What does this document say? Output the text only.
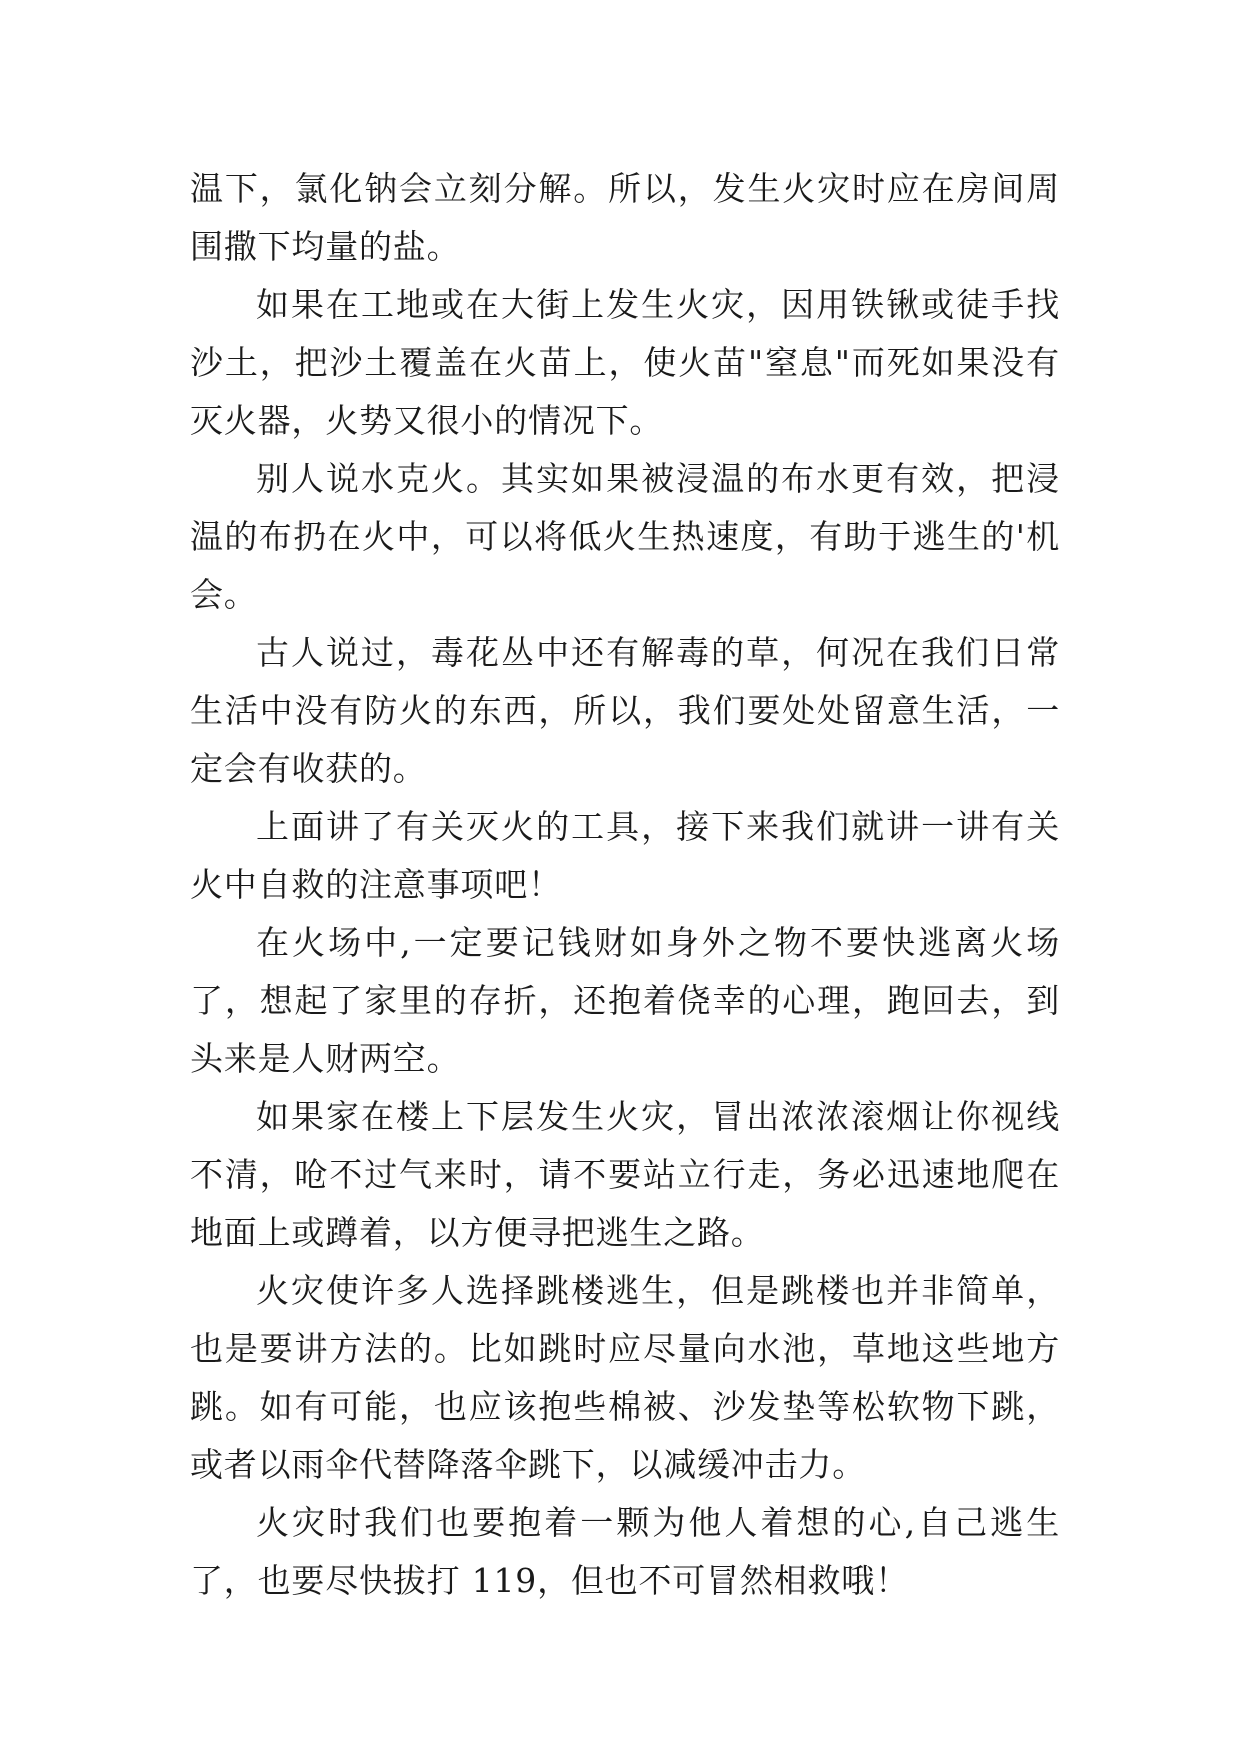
温下，氯化钠会立刻分解。所以，发生火灾时应在房间周围撒下均量的盐。

如果在工地或在大街上发生火灾，因用铁锹或徒手找沙土，把沙土覆盖在火苗上，使火苗"窒息"而死如果没有灭火器，火势又很小的情况下。

别人说水克火。其实如果被浸温的布水更有效，把浸温的布扔在火中，可以将低火生热速度，有助于逃生的'机会。

古人说过，毒花丛中还有解毒的草，何况在我们日常生活中没有防火的东西，所以，我们要处处留意生活，一定会有收获的。

上面讲了有关灭火的工具，接下来我们就讲一讲有关火中自救的注意事项吧！

在火场中,一定要记钱财如身外之物不要快逃离火场了，想起了家里的存折，还抱着侥幸的心理，跑回去，到头来是人财两空。

如果家在楼上下层发生火灾，冒出浓浓滚烟让你视线不清，呛不过气来时，请不要站立行走，务必迅速地爬在地面上或蹲着，以方便寻把逃生之路。

火灾使许多人选择跳楼逃生，但是跳楼也并非简单，也是要讲方法的。比如跳时应尽量向水池，草地这些地方跳。如有可能，也应该抱些棉被、沙发垫等松软物下跳，或者以雨伞代替降落伞跳下，以减缓冲击力。

火灾时我们也要抱着一颗为他人着想的心,自己逃生了，也要尽快拔打 119，但也不可冒然相救哦！
